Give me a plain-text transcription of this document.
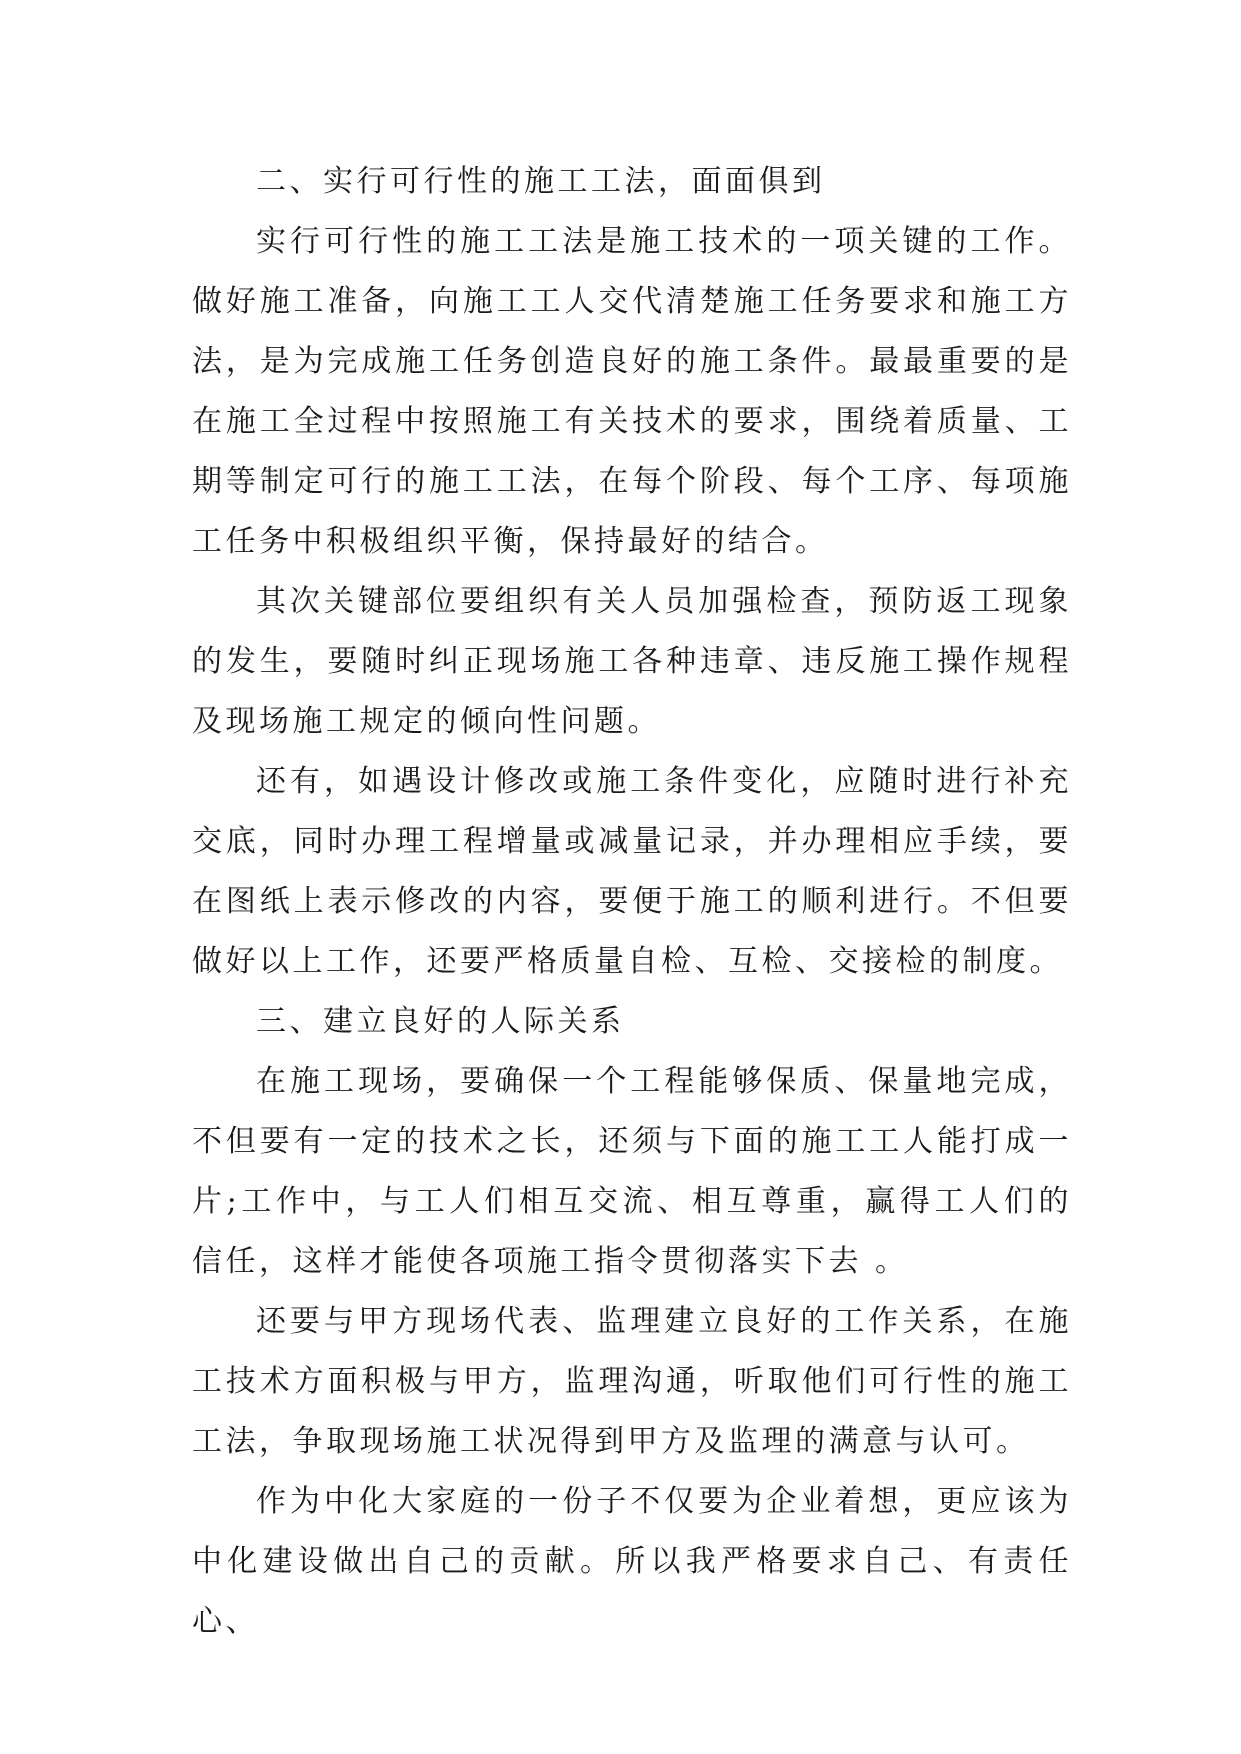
二、实行可行性的施工工法，面面俱到

实行可行性的施工工法是施工技术的一项关键的工作。做好施工准备，向施工工人交代清楚施工任务要求和施工方法，是为完成施工任务创造良好的施工条件。最最重要的是在施工全过程中按照施工有关技术的要求，围绕着质量、工期等制定可行的施工工法，在每个阶段、每个工序、每项施工任务中积极组织平衡，保持最好的结合。

其次关键部位要组织有关人员加强检查，预防返工现象的发生，要随时纠正现场施工各种违章、违反施工操作规程及现场施工规定的倾向性问题。

还有，如遇设计修改或施工条件变化，应随时进行补充交底，同时办理工程增量或减量记录，并办理相应手续，要在图纸上表示修改的内容，要便于施工的顺利进行。不但要做好以上工作，还要严格质量自检、互检、交接检的制度。

三、建立良好的人际关系

在施工现场，要确保一个工程能够保质、保量地完成，不但要有一定的技术之长，还须与下面的施工工人能打成一片;工作中，与工人们相互交流、相互尊重，赢得工人们的信任，这样才能使各项施工指令贯彻落实下去 。

还要与甲方现场代表、监理建立良好的工作关系，在施工技术方面积极与甲方，监理沟通，听取他们可行性的施工工法，争取现场施工状况得到甲方及监理的满意与认可。

作为中化大家庭的一份子不仅要为企业着想，更应该为中化建设做出自己的贡献。所以我严格要求自己、有责任心、
